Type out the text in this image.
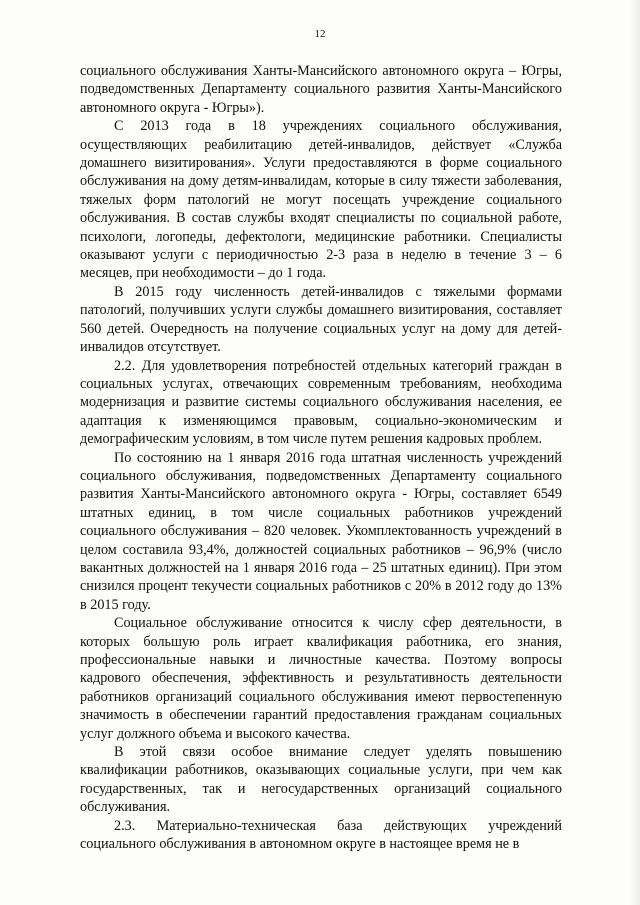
12

социального обслуживания Ханты-Мансийского автономного округа – Югры, подведомственных Департаменту социального развития Ханты-Мансийского автономного округа - Югры»).

С 2013 года в 18 учреждениях социального обслуживания, осуществляющих реабилитацию детей-инвалидов, действует «Служба домашнего визитирования». Услуги предоставляются в форме социального обслуживания на дому детям-инвалидам, которые в силу тяжести заболевания, тяжелых форм патологий не могут посещать учреждение социального обслуживания. В состав службы входят специалисты по социальной работе, психологи, логопеды, дефектологи, медицинские работники. Специалисты оказывают услуги с периодичностью 2-3 раза в неделю в течение 3 – 6 месяцев, при необходимости – до 1 года.

В 2015 году численность детей-инвалидов с тяжелыми формами патологий, получивших услуги службы домашнего визитирования, составляет 560 детей. Очередность на получение социальных услуг на дому для детей-инвалидов отсутствует.

2.2. Для удовлетворения потребностей отдельных категорий граждан в социальных услугах, отвечающих современным требованиям, необходима модернизация и развитие системы социального обслуживания населения, ее адаптация к изменяющимся правовым, социально-экономическим и демографическим условиям, в том числе путем решения кадровых проблем.

По состоянию на 1 января 2016 года штатная численность учреждений социального обслуживания, подведомственных Департаменту социального развития Ханты-Мансийского автономного округа - Югры, составляет 6549 штатных единиц, в том числе социальных работников учреждений социального обслуживания – 820 человек. Укомплектованность учреждений в целом составила 93,4%, должностей социальных работников – 96,9% (число вакантных должностей на 1 января 2016 года – 25 штатных единиц). При этом снизился процент текучести социальных работников с 20% в 2012 году до 13% в 2015 году.

Социальное обслуживание относится к числу сфер деятельности, в которых большую роль играет квалификация работника, его знания, профессиональные навыки и личностные качества. Поэтому вопросы кадрового обеспечения, эффективность и результативность деятельности работников организаций социального обслуживания имеют первостепенную значимость в обеспечении гарантий предоставления гражданам социальных услуг должного объема и высокого качества.

В этой связи особое внимание следует уделять повышению квалификации работников, оказывающих социальные услуги, при чем как государственных, так и негосударственных организаций социального обслуживания.

2.3. Материально-техническая база действующих учреждений социального обслуживания в автономном округе в настоящее время не в
